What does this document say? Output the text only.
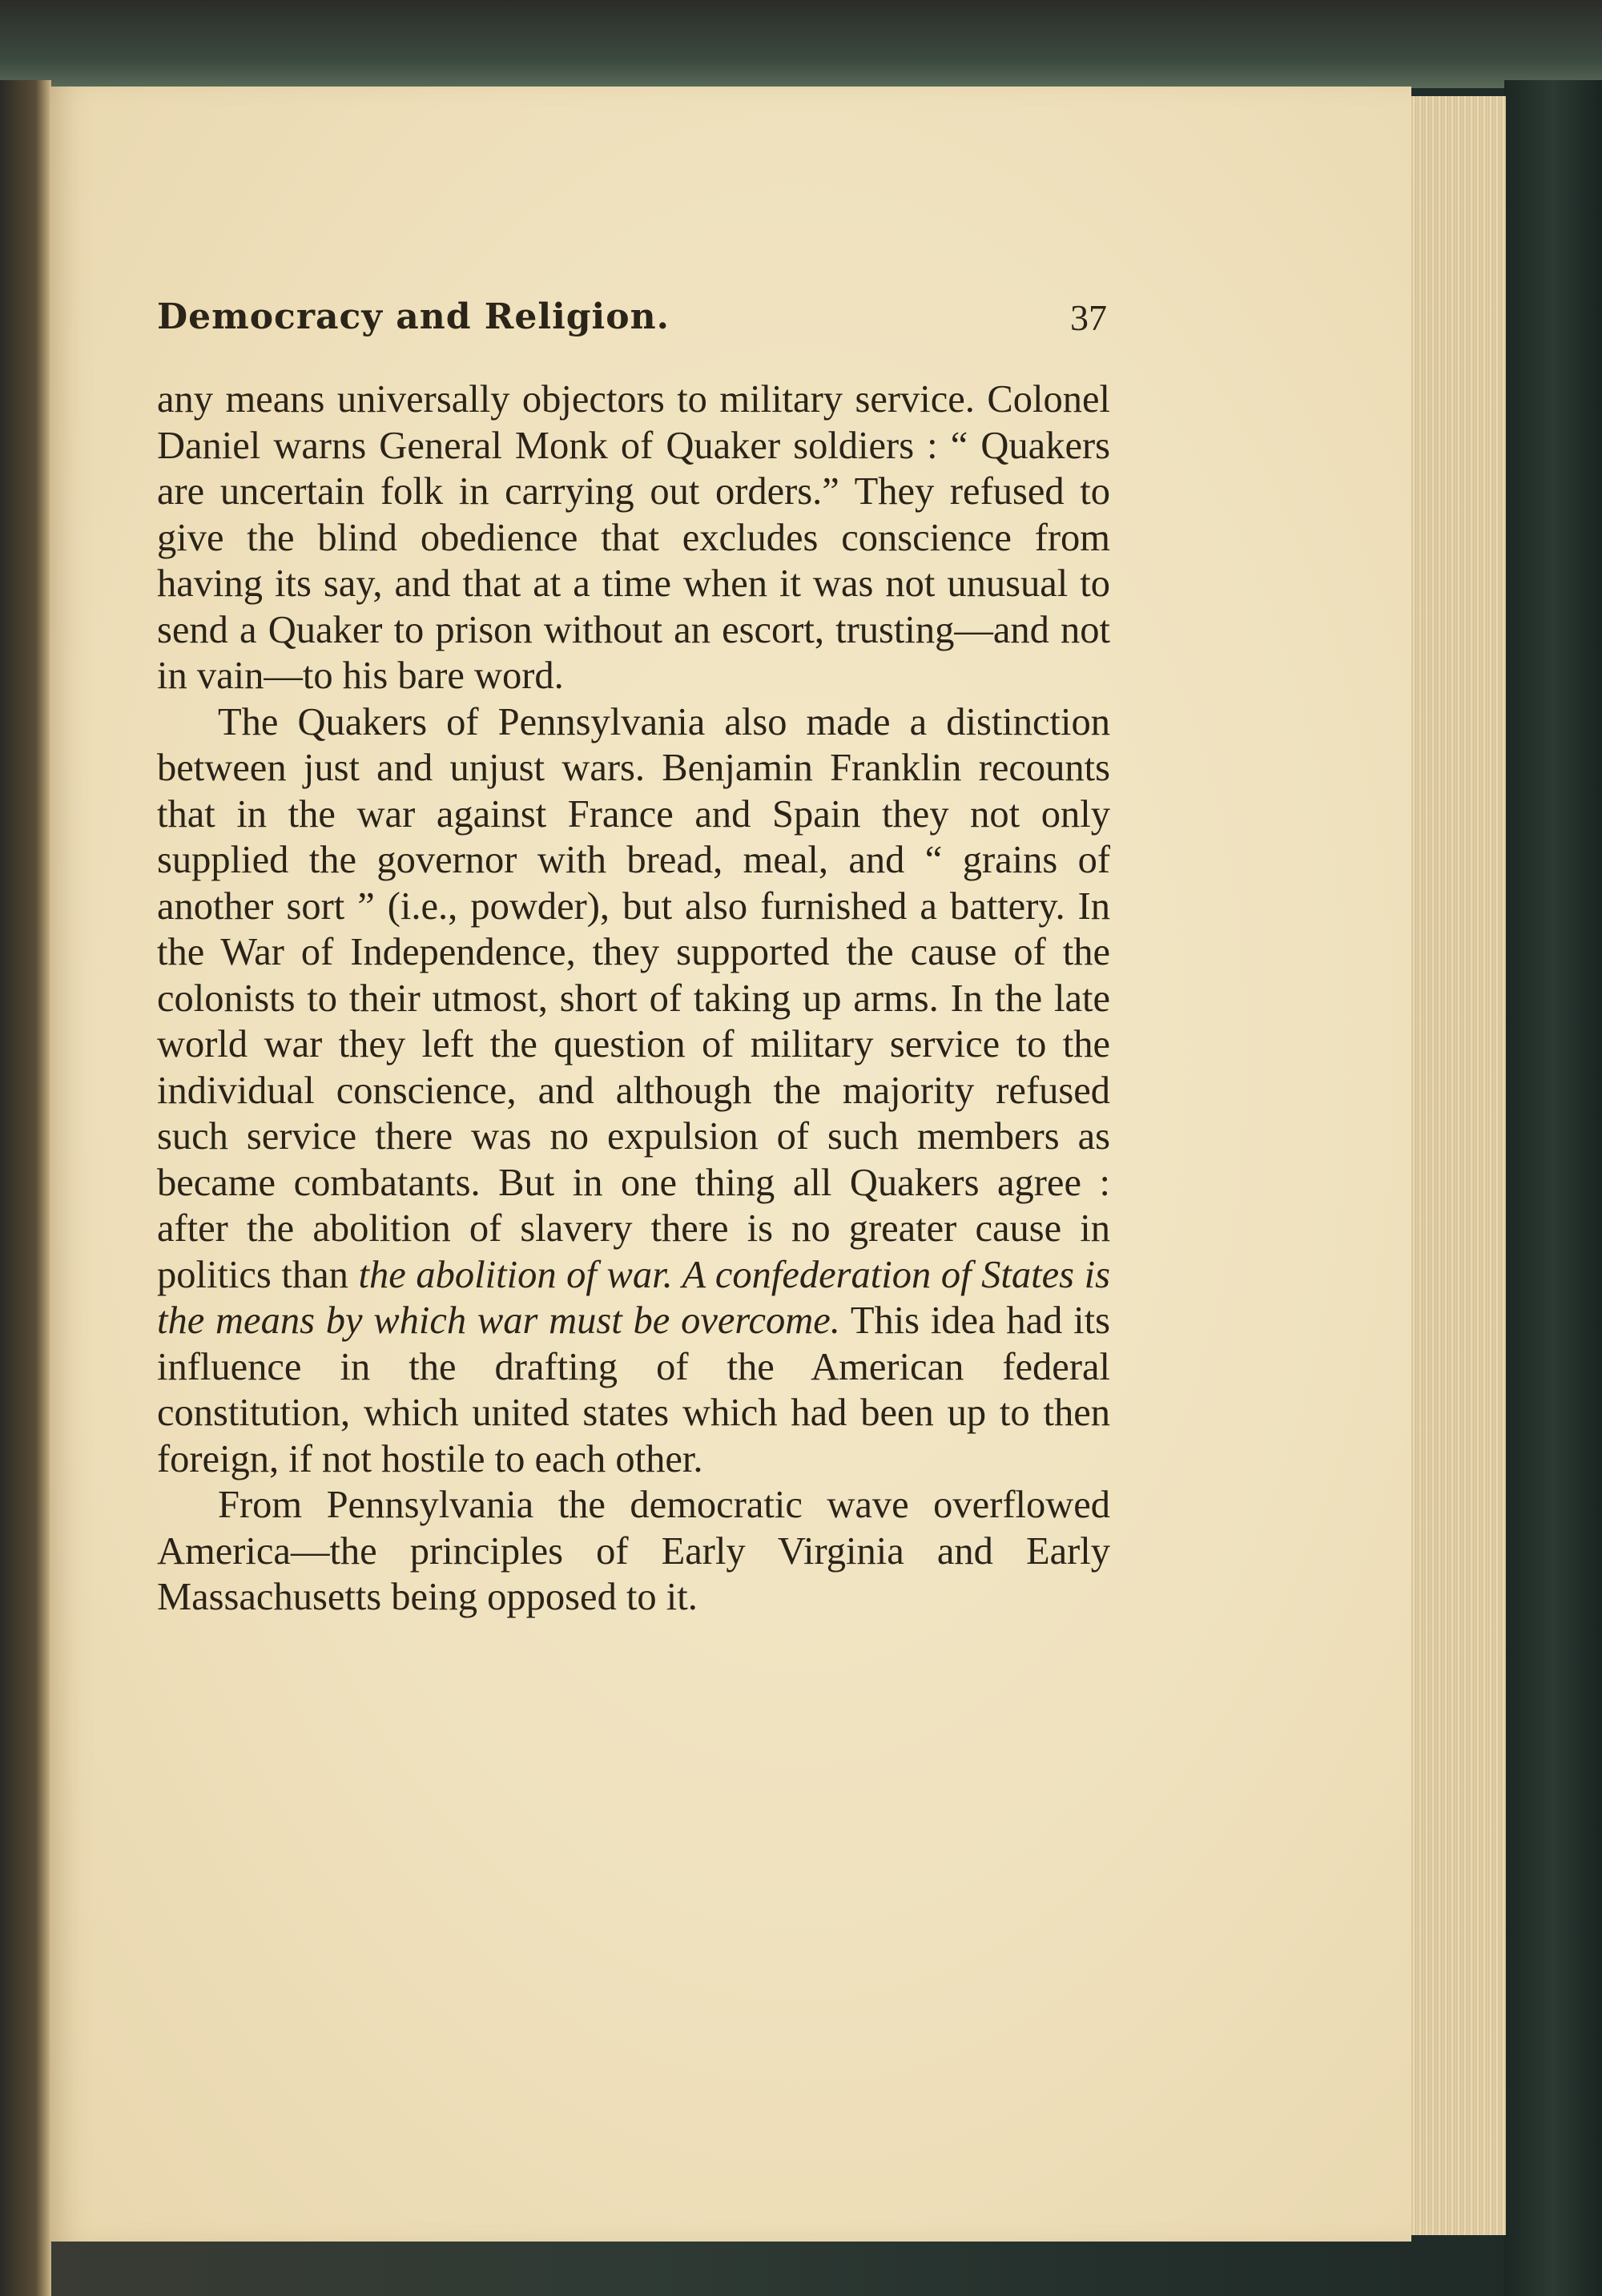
Democracy and Religion.	37

any means universally objectors to military service. Colonel Daniel warns General Monk of Quaker soldiers : “ Quakers are uncertain folk in carrying out orders.” They refused to give the blind obedience that excludes conscience from having its say, and that at a time when it was not unusual to send a Quaker to prison without an escort, trusting—and not in vain—to his bare word.

The Quakers of Pennsylvania also made a distinction between just and unjust wars. Benjamin Franklin recounts that in the war against France and Spain they not only supplied the governor with bread, meal, and “ grains of another sort ” (i.e., powder), but also furnished a battery. In the War of Independence, they supported the cause of the colonists to their utmost, short of taking up arms. In the late world war they left the question of military service to the individual conscience, and although the majority refused such service there was no expulsion of such members as became combatants. But in one thing all Quakers agree : after the abolition of slavery there is no greater cause in politics than the abolition of war. A confederation of States is the means by which war must be overcome. This idea had its influence in the drafting of the American federal constitution, which united states which had been up to then foreign, if not hostile to each other.

From Pennsylvania the democratic wave overflowed America—the principles of Early Virginia and Early Massachusetts being opposed to it.
